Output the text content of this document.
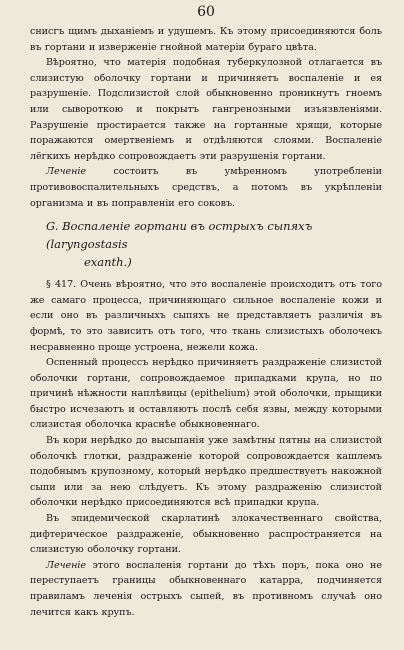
60

снисгъ щимъ дыханiемъ и удушемъ. Къ этому присоединяются боль въ гортани и изверженiе гнойной матерiи бураго цвѣта.

Вѣроятно, что матерiя подобная туберкулозной отлагается въ слизистую оболочку гортани и причиняетъ воспаленiе и ея разрушенiе. Подслизистой слой обыкновенно проникнутъ гноемъ или сывороткою и покрытъ гангренозными изъязвленiями. Разрушенiе простирается также на гортанные хрящи, которые поражаются омертвенiемъ и отдѣляются слоями. Воспаленiе лёгкихъ нерѣдко сопровождаетъ эти разрушенiя гортани.

Леченiе состоитъ въ умѣренномъ употребленiи противовоспалительныхъ средствъ, а потомъ въ укрѣпленiи организма и въ поправленiи его соковъ.

G. Воспаленiе гортани въ острыхъ сыпяхъ (laryngostasis
exanth.)

§ 417. Очень вѣроятно, что это воспаленiе происходитъ отъ того же самаго процесса, причиняющаго сильное воспаленiе кожи и если оно въ различныхъ сыпяхъ не представляетъ различiя въ формѣ, то это зависитъ отъ того, что ткань слизистыхъ оболочекъ несравненно проще устроена, нежели кожа.

Оспенный процессъ нерѣдко причиняетъ раздраженiе слизистой оболочки гортани, сопровождаемое припадками крупа, но по причинѣ нѣжности наплѣвицы (epithelium) этой оболочки, прыщики быстро исчезаютъ и оставляютъ послѣ себя язвы, между которыми слизистая оболочка краснѣе обыкновеннаго.

Въ кори нерѣдко до высыпанiя уже замѣтны пятны на слизистой оболочкѣ глотки, раздраженiе которой сопровождается кашлемъ подобнымъ крупозному, который нерѣдко предшествуетъ накожной сыпи или за нею слѣдуетъ. Къ этому раздраженiю слизистой оболочки нерѣдко присоединяются всѣ припадки крупа.

Въ эпидемической скарлатинѣ злокачественнаго свойства, дифтерическое раздраженiе, обыкновенно распространяется на слизистую оболочку гортани.

Леченiе этого воспаленiя гортани до тѣхъ поръ, пока оно не переступаетъ границы обыкновеннаго катарра, подчиняется правиламъ леченiя острыхъ сыпей, въ противномъ случаѣ оно лечится какъ крупъ.
